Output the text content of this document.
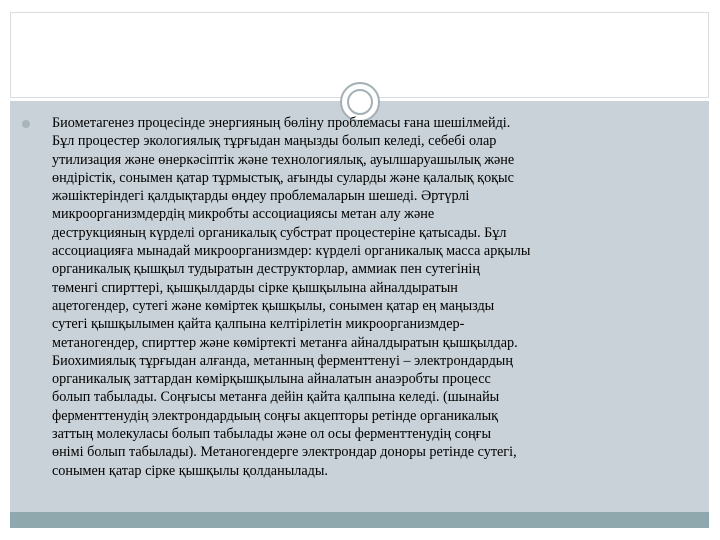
Биометагенез процесінде энергияның бөліну проблемасы ғана шешілмейді.
Бұл процестер экологиялық тұрғыдан маңызды болып келеді, себебі олар
утилизация және өнеркәсіптік және технологиялық, ауылшаруашылық және
өндірістік, сонымен қатар тұрмыстық, ағынды суларды және қалалық қоқыс
жәшіктеріндегі қалдықтарды өңдеу проблемаларын шешеді. Әртүрлі
микроорганизмдердің микробты ассоциациясы метан алу және
деструкцияның күрделі органикалық субстрат процестеріне қатысады. Бұл
ассоциацияға мынадай микроорганизмдер: күрделі органикалық масса арқылы
органикалық қышқыл тудыратын деструкторлар, аммиак пен сутегінің
төменгі спирттері, қышқылдарды сірке қышқылына айналдыратын
ацетогендер, сутегі және көміртек қышқылы, сонымен қатар ең маңызды
сутегі қышқылымен қайта қалпына келтірілетін микроорганизмдер-
метаногендер, спирттер және көміртекті метанға айналдыратын қышқылдар.
Биохимиялық тұрғыдан алғанда, метанның ферменттенуі – электрондардың
органикалық заттардан көмірқышқылына айналатын анаэробты процесс
болып табылады. Соңғысы метанға дейін қайта қалпына келеді. (шынайы
ферменттенудің электрондардыың соңғы акцепторы ретінде органикалық
заттың молекуласы болып табылады және ол осы ферменттенудің соңғы
өнімі болып табылады). Метаногендерге электрондар доноры ретінде сутегі,
сонымен қатар сірке қышқылы қолданылады.
